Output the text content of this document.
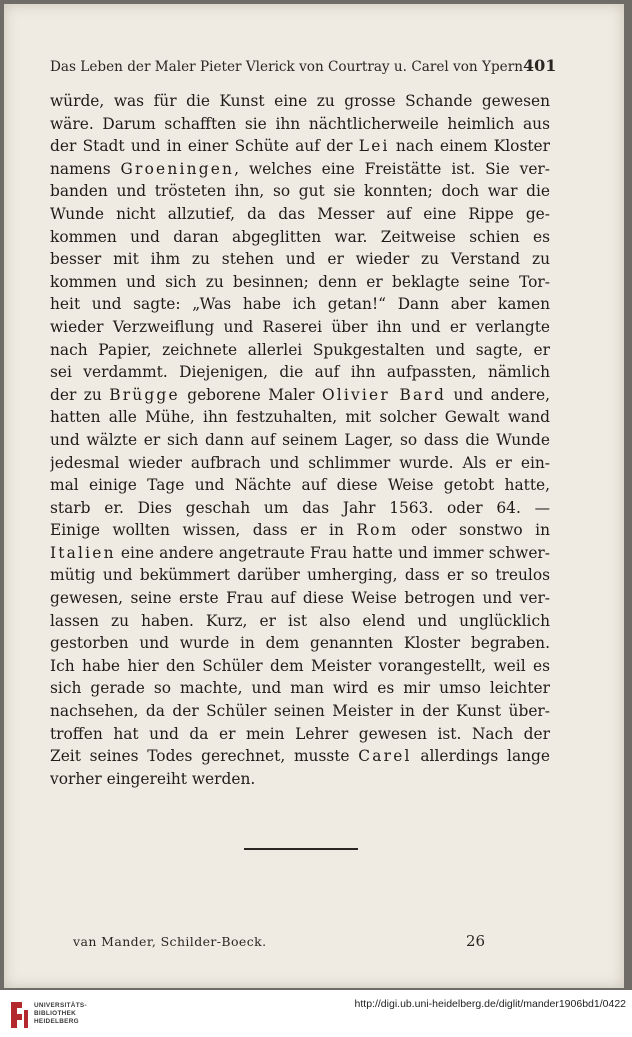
Das Leben der Maler Pieter Vlerick von Courtray u. Carel von Ypern 401
würde, was für die Kunst eine zu grosse Schande gewesen
wäre. Darum schafften sie ihn nächtlicherweile heimlich aus
der Stadt und in einer Schüte auf der Lei nach einem Kloster
namens Groeningen, welches eine Freistätte ist. Sie ver-
banden und trösteten ihn, so gut sie konnten; doch war die
Wunde nicht allzutief, da das Messer auf eine Rippe ge-
kommen und daran abgeglitten war. Zeitweise schien es
besser mit ihm zu stehen und er wieder zu Verstand zu
kommen und sich zu besinnen; denn er beklagte seine Tor-
heit und sagte: „Was habe ich getan!“ Dann aber kamen
wieder Verzweiflung und Raserei über ihn und er verlangte
nach Papier, zeichnete allerlei Spukgestalten und sagte, er
sei verdammt. Diejenigen, die auf ihn aufpassten, nämlich
der zu Brügge geborene Maler Olivier Bard und andere,
hatten alle Mühe, ihn festzuhalten, mit solcher Gewalt wand
und wälzte er sich dann auf seinem Lager, so dass die Wunde
jedesmal wieder aufbrach und schlimmer wurde. Als er ein-
mal einige Tage und Nächte auf diese Weise getobt hatte,
starb er. Dies geschah um das Jahr 1563. oder 64. —
Einige wollten wissen, dass er in Rom oder sonstwo in
Italien eine andere angetraute Frau hatte und immer schwer-
mütig und bekümmert darüber umherging, dass er so treulos
gewesen, seine erste Frau auf diese Weise betrogen und ver-
lassen zu haben. Kurz, er ist also elend und unglücklich
gestorben und wurde in dem genannten Kloster begraben.
Ich habe hier den Schüler dem Meister vorangestellt, weil es
sich gerade so machte, und man wird es mir umso leichter
nachsehen, da der Schüler seinen Meister in der Kunst über-
troffen hat und da er mein Lehrer gewesen ist. Nach der
Zeit seines Todes gerechnet, musste Carel allerdings lange
vorher eingereiht werden.
van Mander, Schilder-Boeck.	26
UNIVERSITÄTS-
BIBLIOTHEK
HEIDELBERG
http://digi.ub.uni-heidelberg.de/diglit/mander1906bd1/0422
